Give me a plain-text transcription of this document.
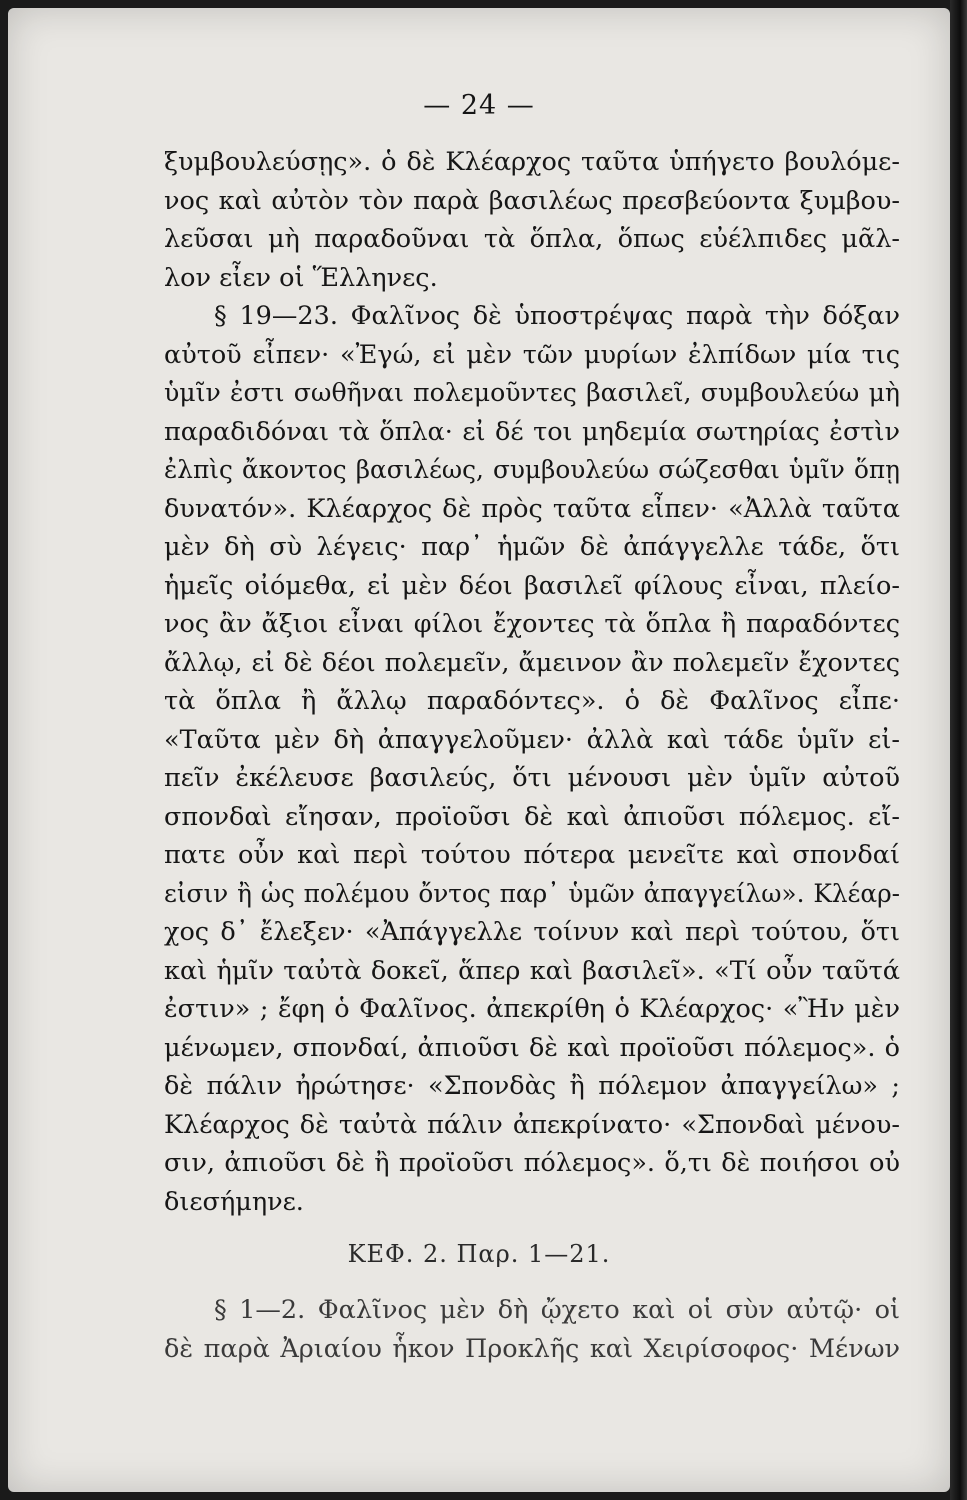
— 24 —
ξυμβουλεύσῃς». ὁ δὲ Κλέαρχος ταῦτα ὑπήγετο βουλόμε-
νος καὶ αὐτὸν τὸν παρὰ βασιλέως πρεσβεύοντα ξυμβου-
λεῦσαι μὴ παραδοῦναι τὰ ὅπλα, ὅπως εὐέλπιδες μᾶλ-
λον εἶεν οἱ Ἕλληνες.
§ 19—23. Φαλῖνος δὲ ὑποστρέψας παρὰ τὴν δόξαν
αὐτοῦ εἶπεν· «Ἐγώ, εἰ μὲν τῶν μυρίων ἐλπίδων μία τις
ὑμῖν ἐστι σωθῆναι πολεμοῦντες βασιλεῖ, συμβουλεύω μὴ
παραδιδόναι τὰ ὅπλα· εἰ δέ τοι μηδεμία σωτηρίας ἐστὶν
ἐλπὶς ἄκοντος βασιλέως, συμβουλεύω σώζεσθαι ὑμῖν ὅπῃ
δυνατόν». Κλέαρχος δὲ πρὸς ταῦτα εἶπεν· «Ἀλλὰ ταῦτα
μὲν δὴ σὺ λέγεις· παρ᾽ ἡμῶν δὲ ἀπάγγελλε τάδε, ὅτι
ἡμεῖς οἰόμεθα, εἰ μὲν δέοι βασιλεῖ φίλους εἶναι, πλείο-
νος ἂν ἄξιοι εἶναι φίλοι ἔχοντες τὰ ὅπλα ἢ παραδόντες
ἄλλῳ, εἰ δὲ δέοι πολεμεῖν, ἄμεινον ἂν πολεμεῖν ἔχοντες
τὰ ὅπλα ἢ ἄλλῳ παραδόντες». ὁ δὲ Φαλῖνος εἶπε·
«Ταῦτα μὲν δὴ ἀπαγγελοῦμεν· ἀλλὰ καὶ τάδε ὑμῖν εἰ-
πεῖν ἐκέλευσε βασιλεύς, ὅτι μένουσι μὲν ὑμῖν αὐτοῦ
σπονδαὶ εἴησαν, προϊοῦσι δὲ καὶ ἀπιοῦσι πόλεμος. εἴ-
πατε οὖν καὶ περὶ τούτου πότερα μενεῖτε καὶ σπονδαί
εἰσιν ἢ ὡς πολέμου ὄντος παρ᾽ ὑμῶν ἀπαγγείλω». Κλέαρ-
χος δ᾽ ἔλεξεν· «Ἀπάγγελλε τοίνυν καὶ περὶ τούτου, ὅτι
καὶ ἡμῖν ταὐτὰ δοκεῖ, ἅπερ καὶ βασιλεῖ». «Τί οὖν ταῦτά
ἐστιν» ; ἔφη ὁ Φαλῖνος. ἀπεκρίθη ὁ Κλέαρχος· «Ἢν μὲν
μένωμεν, σπονδαί, ἀπιοῦσι δὲ καὶ προϊοῦσι πόλεμος». ὁ
δὲ πάλιν ἠρώτησε· «Σπονδὰς ἢ πόλεμον ἀπαγγείλω» ;
Κλέαρχος δὲ ταὐτὰ πάλιν ἀπεκρίνατο· «Σπονδαὶ μένου-
σιν, ἀπιοῦσι δὲ ἢ προϊοῦσι πόλεμος». ὅ,τι δὲ ποιήσοι οὐ
διεσήμηνε.
ΚΕΦ. 2. Παρ. 1—21.
§ 1—2. Φαλῖνος μὲν δὴ ᾤχετο καὶ οἱ σὺν αὐτῷ· οἱ
δὲ παρὰ Ἀριαίου ἧκον Προκλῆς καὶ Χειρίσοφος· Μένων
